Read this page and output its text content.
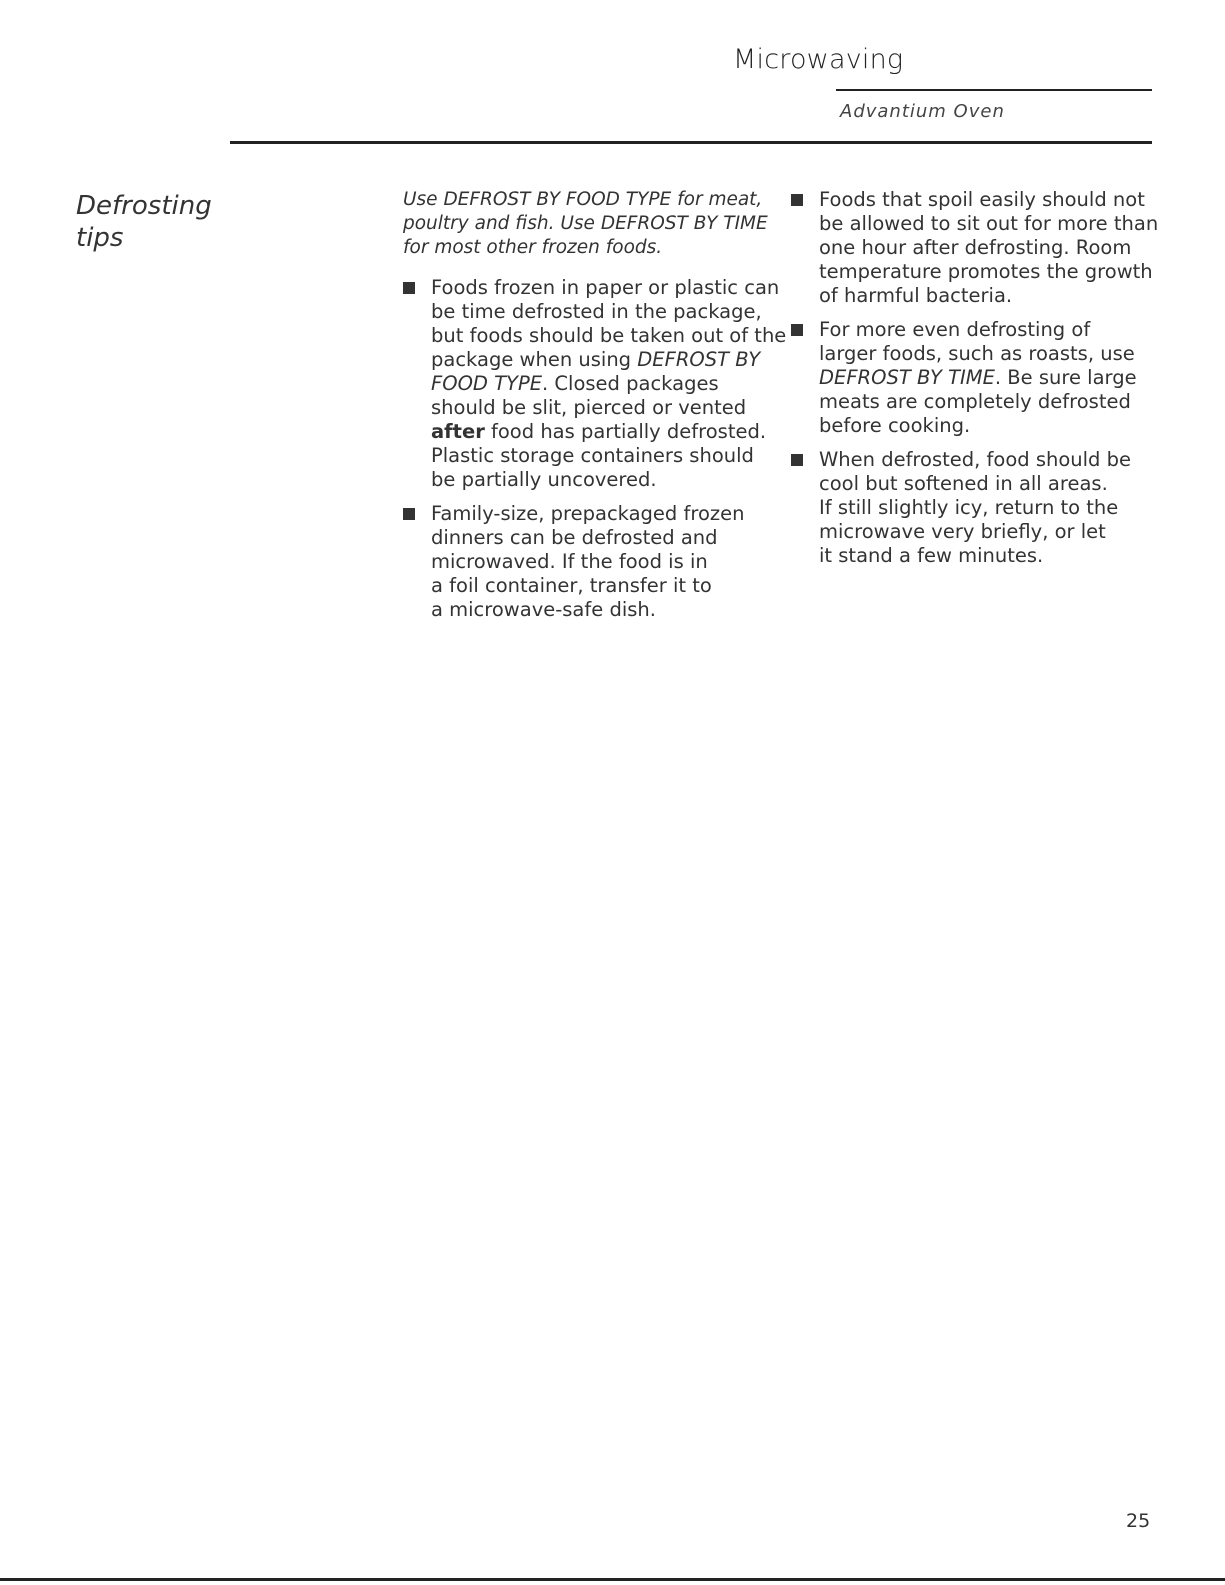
Microwaving
Advantium Oven
Defrosting
tips
Use DEFROST BY FOOD TYPE for meat,
poultry and fish. Use DEFROST BY TIME
for most other frozen foods.
Foods frozen in paper or plastic can
be time defrosted in the package,
but foods should be taken out of the
package when using DEFROST BY
FOOD TYPE. Closed packages
should be slit, pierced or vented
after food has partially defrosted.
Plastic storage containers should
be partially uncovered.
Family-size, prepackaged frozen
dinners can be defrosted and
microwaved. If the food is in
a foil container, transfer it to
a microwave-safe dish.
Foods that spoil easily should not
be allowed to sit out for more than
one hour after defrosting. Room
temperature promotes the growth
of harmful bacteria.
For more even defrosting of
larger foods, such as roasts, use
DEFROST BY TIME. Be sure large
meats are completely defrosted
before cooking.
When defrosted, food should be
cool but softened in all areas.
If still slightly icy, return to the
microwave very briefly, or let
it stand a few minutes.
25
